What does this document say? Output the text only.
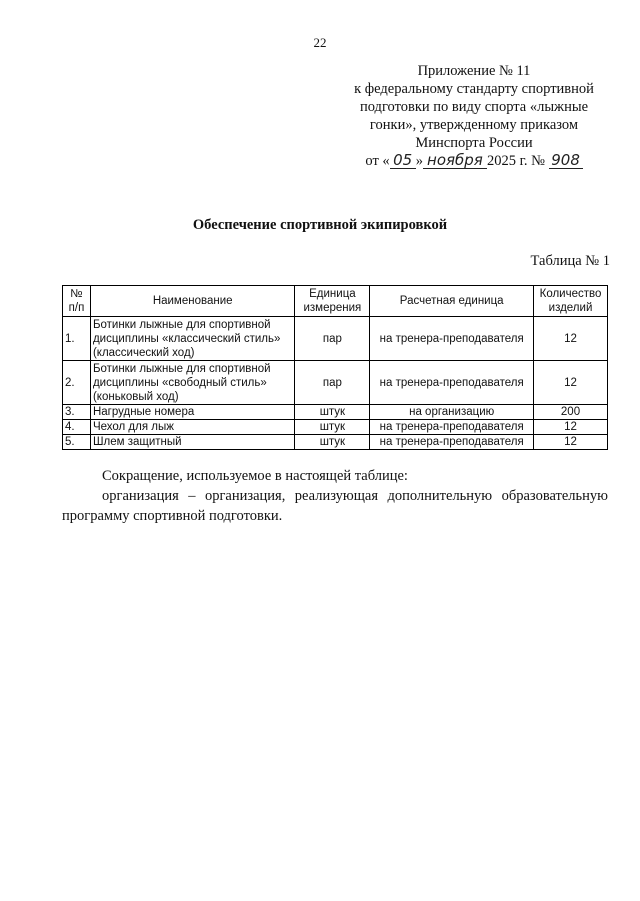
22
Приложение № 11
к федеральному стандарту спортивной
подготовки по виду спорта «лыжные
гонки», утвержденному приказом
Минспорта России
от « 05 » ноября 2025 г. № 908
Обеспечение спортивной экипировкой
Таблица № 1
№ п/п	Наименование	Единица измерения	Расчетная единица	Количество изделий
1.	Ботинки лыжные для спортивной дисциплины «классический стиль» (классический ход)	пар	на тренера-преподавателя	12
2.	Ботинки лыжные для спортивной дисциплины «свободный стиль» (коньковый ход)	пар	на тренера-преподавателя	12
3.	Нагрудные номера	штук	на организацию	200
4.	Чехол для лыж	штук	на тренера-преподавателя	12
5.	Шлем защитный	штук	на тренера-преподавателя	12

Сокращение, используемое в настоящей таблице:

организация – организация, реализующая дополнительную образовательную программу спортивной подготовки.
